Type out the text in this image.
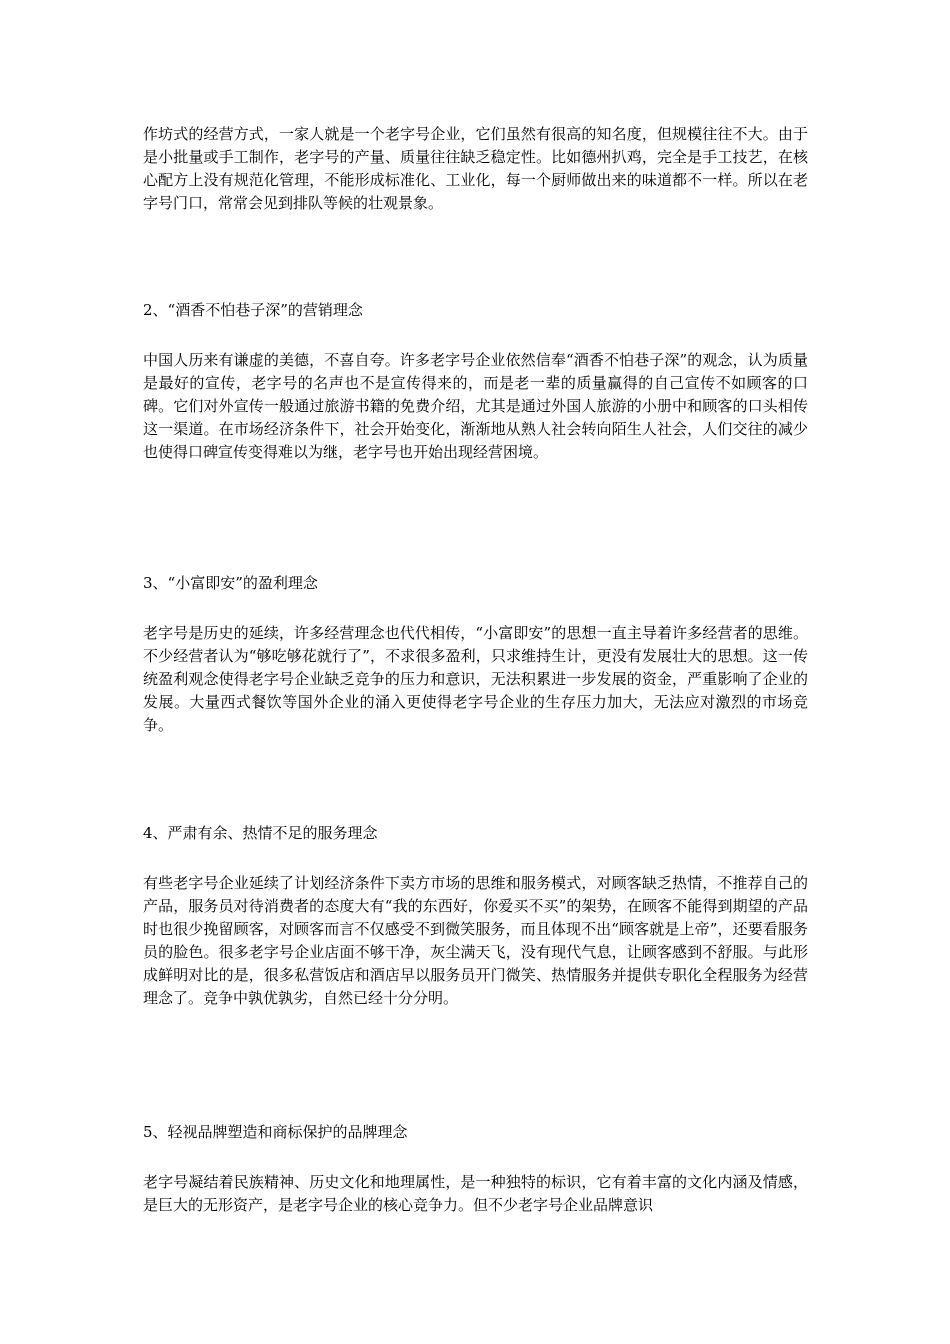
作坊式的经营方式，一家人就是一个老字号企业，它们虽然有很高的知名度，但规模往往不大。由于是小批量或手工制作，老字号的产量、质量往往缺乏稳定性。比如德州扒鸡，完全是手工技艺，在核心配方上没有规范化管理，不能形成标准化、工业化，每一个厨师做出来的味道都不一样。所以在老字号门口，常常会见到排队等候的壮观景象。

2、“酒香不怕巷子深”的营销理念

中国人历来有谦虚的美德，不喜自夸。许多老字号企业依然信奉“酒香不怕巷子深”的观念，认为质量是最好的宣传，老字号的名声也不是宣传得来的，而是老一辈的质量赢得的自己宣传不如顾客的口碑。它们对外宣传一般通过旅游书籍的免费介绍，尤其是通过外国人旅游的小册中和顾客的口头相传这一渠道。在市场经济条件下，社会开始变化，渐渐地从熟人社会转向陌生人社会，人们交往的减少也使得口碑宣传变得难以为继，老字号也开始出现经营困境。

3、“小富即安”的盈利理念

老字号是历史的延续，许多经营理念也代代相传，“小富即安”的思想一直主导着许多经营者的思维。不少经营者认为“够吃够花就行了”，不求很多盈利，只求维持生计，更没有发展壮大的思想。这一传统盈利观念使得老字号企业缺乏竞争的压力和意识，无法积累进一步发展的资金，严重影响了企业的发展。大量西式餐饮等国外企业的涌入更使得老字号企业的生存压力加大，无法应对激烈的市场竞争。

4、严肃有余、热情不足的服务理念

有些老字号企业延续了计划经济条件下卖方市场的思维和服务模式，对顾客缺乏热情，不推荐自己的产品，服务员对待消费者的态度大有“我的东西好，你爱买不买”的架势，在顾客不能得到期望的产品时也很少挽留顾客，对顾客而言不仅感受不到微笑服务，而且体现不出“顾客就是上帝”，还要看服务员的脸色。很多老字号企业店面不够干净，灰尘满天飞，没有现代气息，让顾客感到不舒服。与此形成鲜明对比的是，很多私营饭店和酒店早以服务员开门微笑、热情服务并提供专职化全程服务为经营理念了。竞争中孰优孰劣，自然已经十分分明。

5、轻视品牌塑造和商标保护的品牌理念

老字号凝结着民族精神、历史文化和地理属性，是一种独特的标识，它有着丰富的文化内涵及情感，是巨大的无形资产，是老字号企业的核心竞争力。但不少老字号企业品牌意识
